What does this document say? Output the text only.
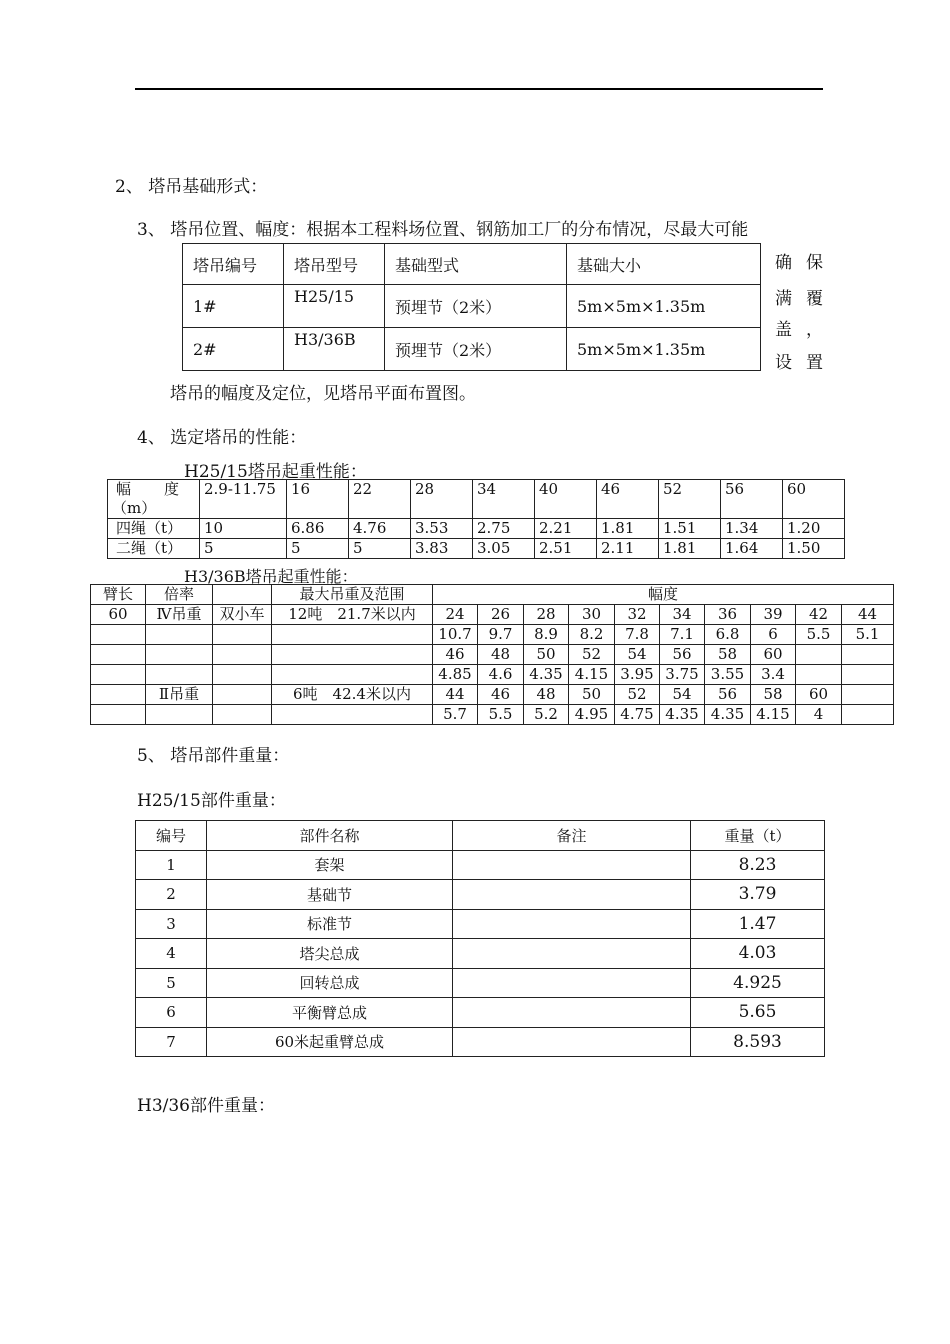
2、 塔吊基础形式：
3、 塔吊位置、幅度：根据本工程料场位置、钢筋加工厂的分布情况，尽最大可能
塔吊编号	塔吊型号	基础型式	基础大小
1#	H25/15	预埋节（2米）	5m×5m×1.35m
2#	H3/36B	预埋节（2米）	5m×5m×1.35m
确保
满覆
盖，
设置
塔吊的幅度及定位，见塔吊平面布置图。
4、 选定塔吊的性能：
H25/15塔吊起重性能：
幅　　度
（m）	2.9-11.75	16	22	28	34	40	46	52	56	60
四绳（t）	10	6.86	4.76	3.53	2.75	2.21	1.81	1.51	1.34	1.20
二绳（t）	5	5	5	3.83	3.05	2.51	2.11	1.81	1.64	1.50
H3/36B塔吊起重性能：
臂长	倍率		最大吊重及范围	幅度									
60	Ⅳ吊重	双小车	12吨　21.7米以内	24	26	28	30	32	34	36	39	42	44
				10.7	9.7	8.9	8.2	7.8	7.1	6.8	6	5.5	5.1
				46	48	50	52	54	56	58	60		
				4.85	4.6	4.35	4.15	3.95	3.75	3.55	3.4		
	Ⅱ吊重		6吨　42.4米以内	44	46	48	50	52	54	56	58	60	
				5.7	5.5	5.2	4.95	4.75	4.35	4.35	4.15	4	
5、 塔吊部件重量：
H25/15部件重量：
编号	部件名称	备注	重量（t）
1	套架		8.23
2	基础节		3.79
3	标准节		1.47
4	塔尖总成		4.03
5	回转总成		4.925
6	平衡臂总成		5.65
7	60米起重臂总成		8.593
H3/36部件重量：
